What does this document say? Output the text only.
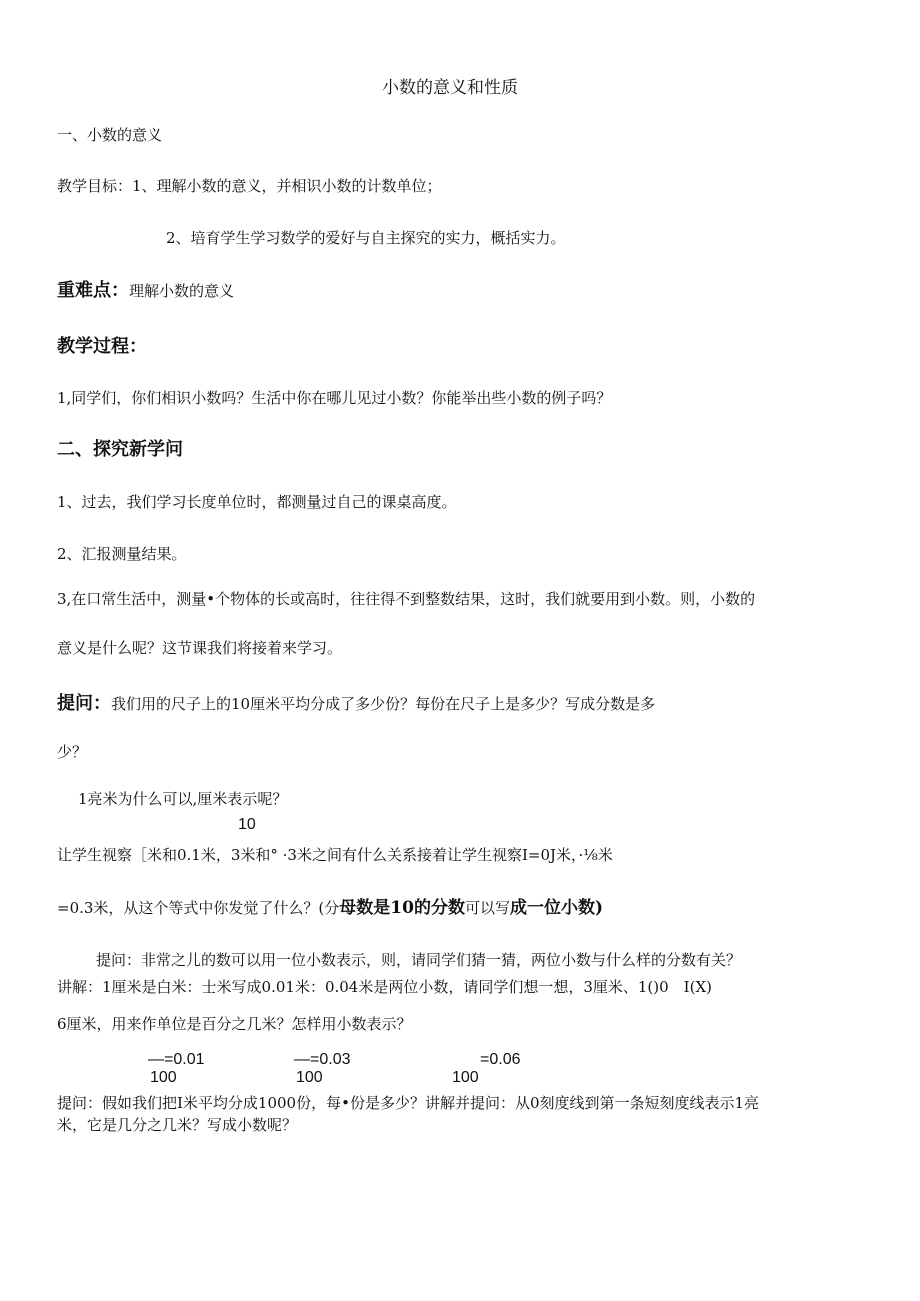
小数的意义和性质
一、小数的意义
教学目标：1、理解小数的意义，并相识小数的计数单位；
2、培育学生学习数学的爱好与自主探究的实力，概括实力。
重难点：理解小数的意义
教学过程：
1,同学们，你们相识小数吗？生活中你在哪儿见过小数？你能举出些小数的例子吗？
二、探究新学问
1、过去，我们学习长度单位时，都测量过自己的课桌高度。
2、汇报测量结果。
3,在口常生活中，测量•个物体的长或高时，往往得不到整数结果，这时，我们就要用到小数。则，小数的
意义是什么呢？这节课我们将接着来学习。
提问：我们用的尺子上的10厘米平均分成了多少份？每份在尺子上是多少？写成分数是多
少？
1亮米为什么可以,厘米表示呢？
10
让学生视察［米和0.1米，3米和° ·3米之间有什么关系接着让学生视察I=0J米，·⅛米
=0.3米，从这个等式中你发觉了什么？(分母数是10的分数可以写成一位小数)
提问：非常之儿的数可以用一位小数表示，则，请同学们猜一猜，两位小数与什么样的分数有关？
讲解：1厘米是白米：士米写成0.01米：0.04米是两位小数，请同学们想一想，3厘米、1()0　I(X)
6厘米，用来作单位是百分之几米？怎样用小数表示？
—=0.01
100
—=0.03
100
=0.06
100
提问：假如我们把I米平均分成1000份，每•份是多少？讲解并提问：从0刻度线到第一条短刻度线表示1亮
米，它是几分之几米？写成小数呢？
